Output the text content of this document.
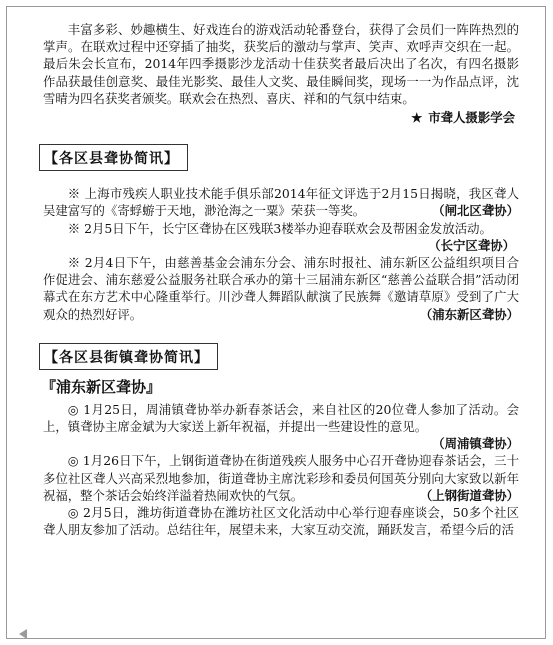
丰富多彩、妙趣横生、好戏连台的游戏活动轮番登台，获得了会员们一阵阵热烈的掌声。在联欢过程中还穿插了抽奖，获奖后的激动与掌声、笑声、欢呼声交织在一起。最后朱会长宣布，2014年四季摄影沙龙活动十佳获奖者最后决出了名次，有四名摄影作品获最佳创意奖、最佳光影奖、最佳人文奖、最佳瞬间奖，现场一一为作品点评，沈雪晴为四名获奖者颁奖。联欢会在热烈、喜庆、祥和的气氛中结束。

★ 市聋人摄影学会
【各区县聋协简讯】

※ 上海市残疾人职业技术能手俱乐部2014年征文评选于2月15日揭晓，我区聋人吴建富写的《寄蜉蝣于天地，渺沧海之一粟》荣获一等奖。	（闸北区聋协）

※ 2月5日下午，长宁区聋协在区残联3楼举办迎春联欢会及帮困金发放活动。

（长宁区聋协）

※ 2月4日下午，由慈善基金会浦东分会、浦东时报社、浦东新区公益组织项目合作促进会、浦东慈爱公益服务社联合承办的第十三届浦东新区“慈善公益联合捐”活动闭幕式在东方艺术中心隆重举行。川沙聋人舞蹈队献演了民族舞《邀请草原》受到了广大观众的热烈好评。	（浦东新区聋协）

【各区县街镇聋协简讯】
『浦东新区聋协』

◎ 1月25日，周浦镇聋协举办新春茶话会，来自社区的20位聋人参加了活动。会上，镇聋协主席金斌为大家送上新年祝福，并提出一些建设性的意见。
（周浦镇聋协）

◎ 1月26日下午，上钢街道聋协在街道残疾人服务中心召开聋协迎春茶话会，三十多位社区聋人兴高采烈地参加，街道聋协主席沈彩珍和委员何国英分别向大家致以新年祝福，整个茶话会始终洋溢着热闹欢快的气氛。	（上钢街道聋协）

◎ 2月5日，潍坊街道聋协在潍坊社区文化活动中心举行迎春座谈会，50多个社区聋人朋友参加了活动。总结往年，展望未来，大家互动交流，踊跃发言，希望今后的活
